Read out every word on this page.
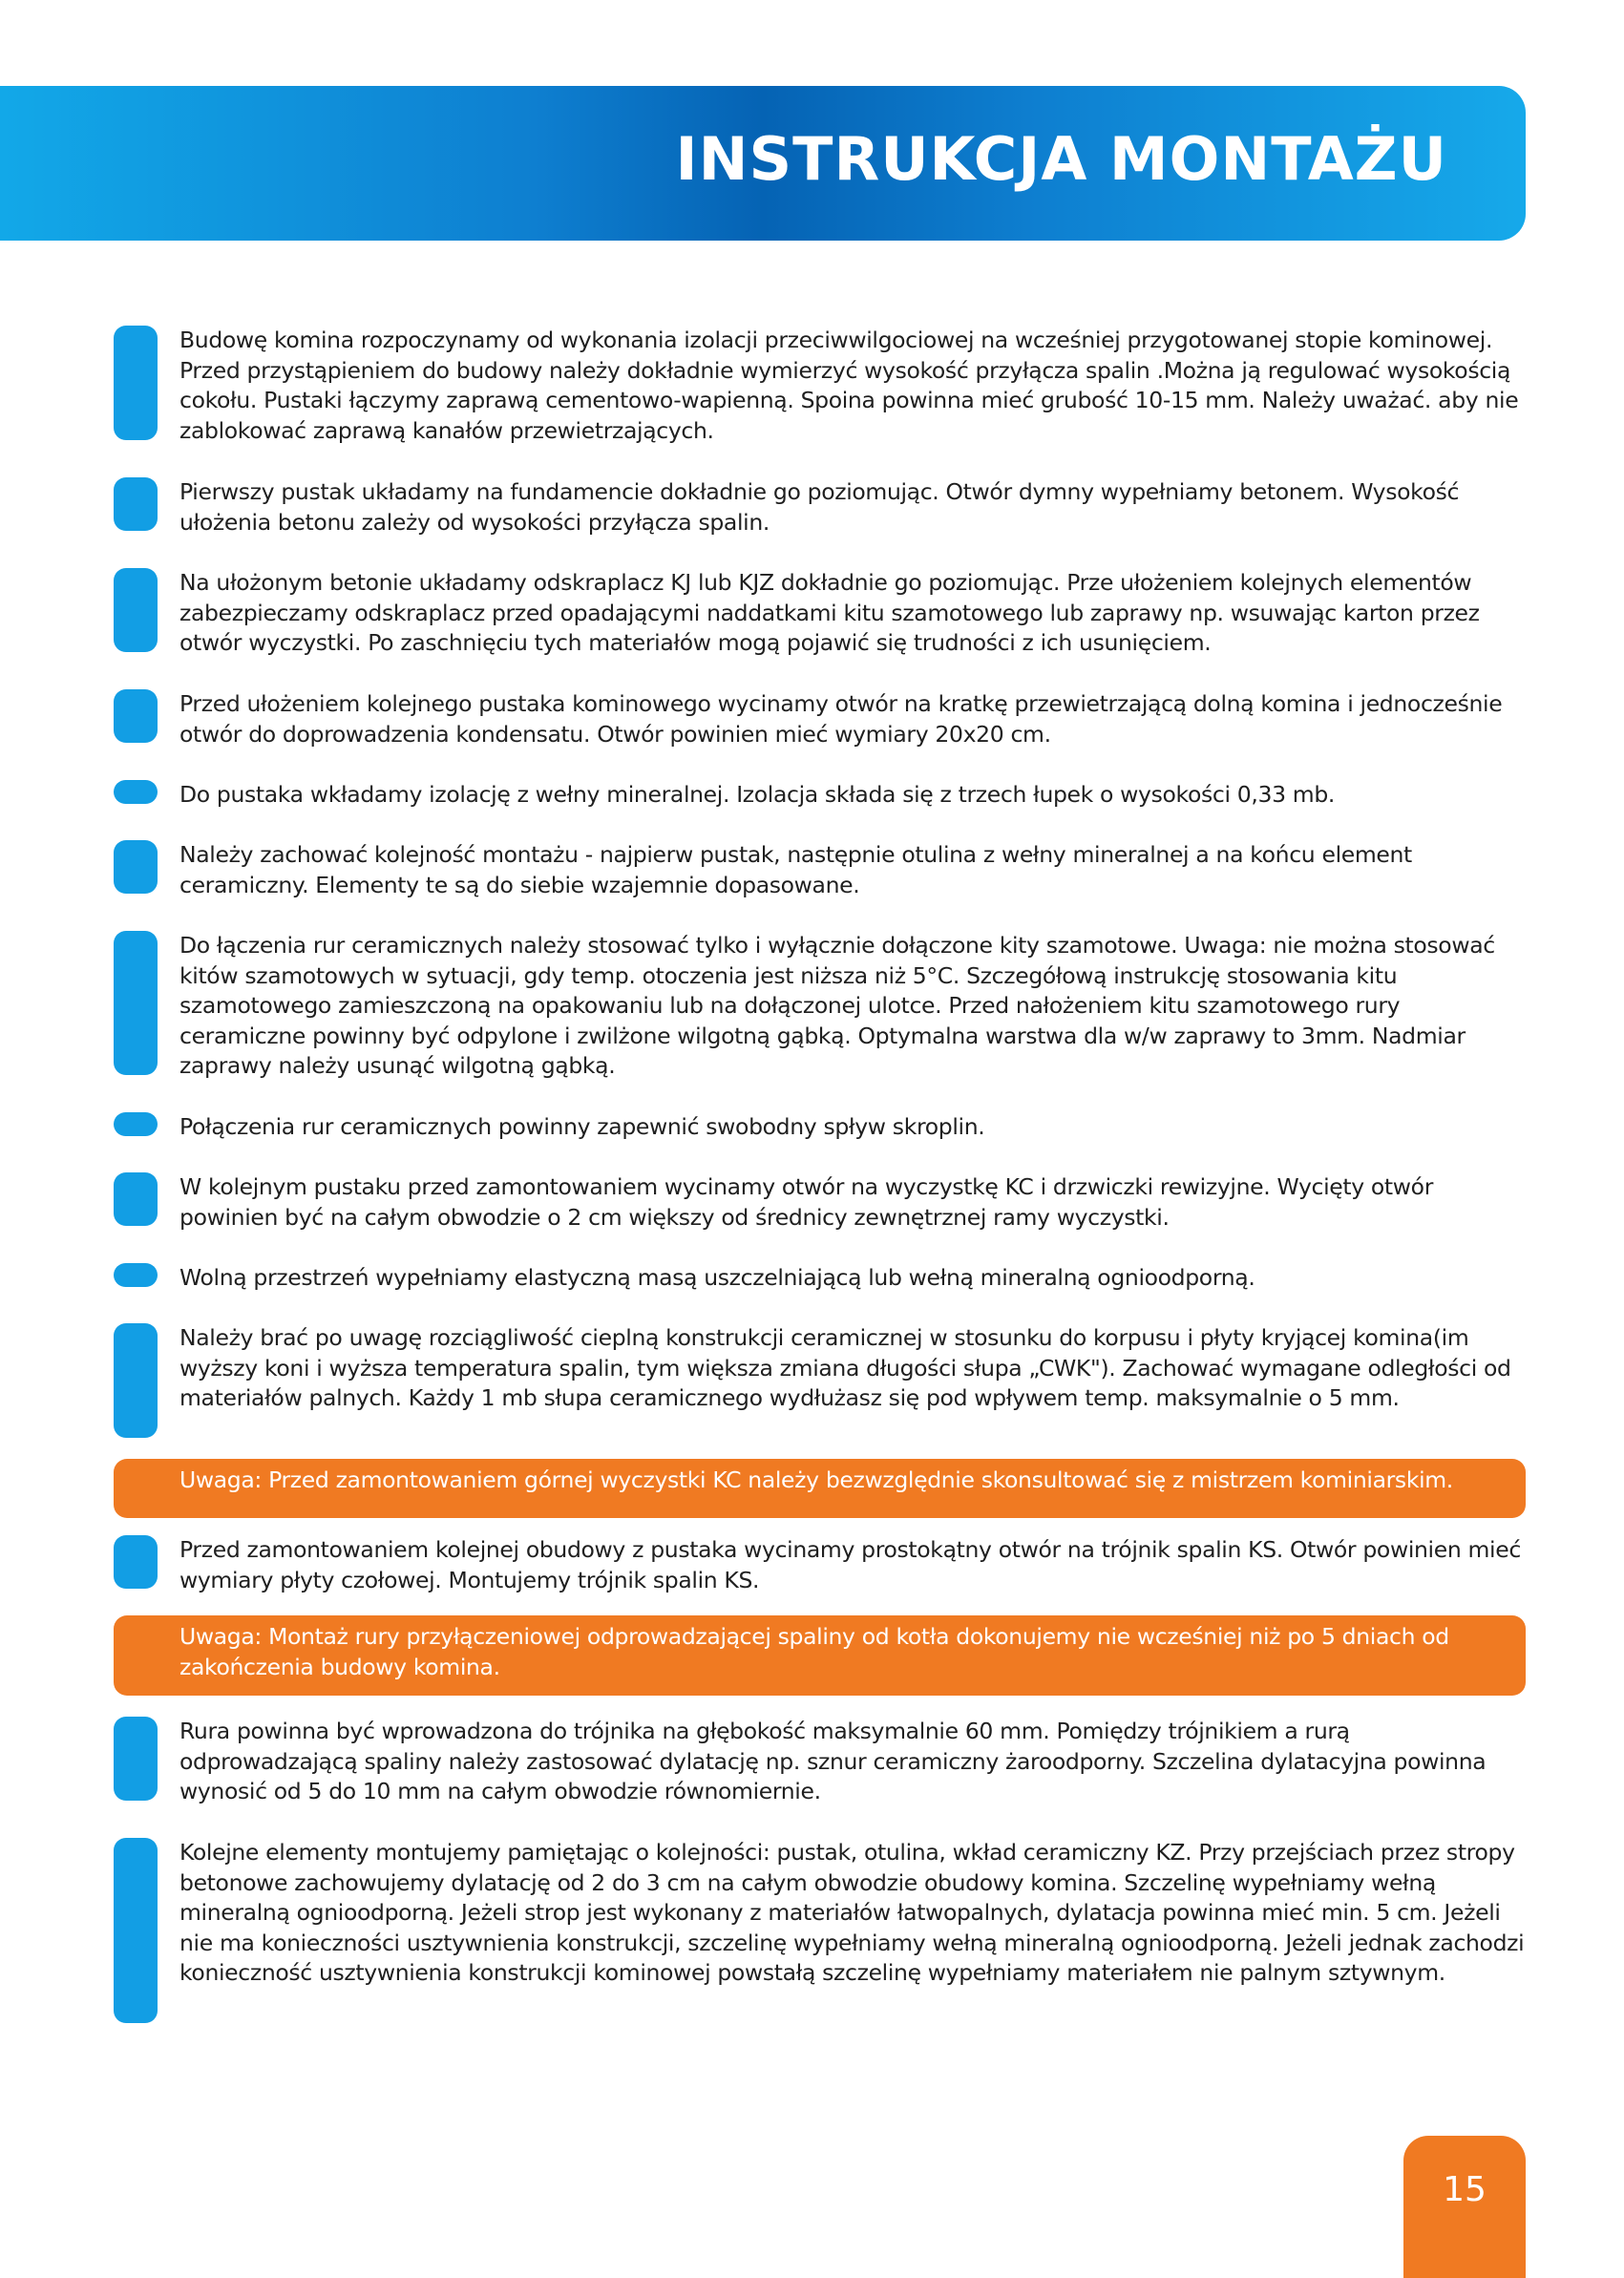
INSTRUKCJA MONTAŻU
Budowę komina rozpoczynamy od wykonania izolacji przeciwwilgociowej na wcześniej przygotowanej stopie kominowej. Przed przystąpieniem do budowy należy dokładnie wymierzyć wysokość przyłącza spalin .Można ją regulować wysokością cokołu. Pustaki łączymy zaprawą cementowo-wapienną. Spoina powinna mieć grubość 10-15 mm. Należy uważać. aby nie zablokować zaprawą kanałów przewietrzających.
Pierwszy pustak układamy na fundamencie dokładnie go poziomując. Otwór dymny wypełniamy betonem. Wysokość ułożenia betonu zależy od wysokości przyłącza spalin.
Na ułożonym betonie układamy odskraplacz KJ lub KJZ dokładnie go poziomując. Prze ułożeniem kolejnych elementów zabezpieczamy odskraplacz przed opadającymi naddatkami kitu szamotowego lub zaprawy np. wsuwając karton przez otwór wyczystki. Po zaschnięciu tych materiałów mogą pojawić się trudności z ich usunięciem.
Przed ułożeniem kolejnego pustaka kominowego wycinamy otwór na kratkę przewietrzającą dolną komina i jednocześnie otwór do doprowadzenia kondensatu. Otwór powinien mieć wymiary 20x20 cm.
Do pustaka wkładamy izolację z wełny mineralnej. Izolacja składa się z trzech łupek o wysokości 0,33 mb.
Należy zachować kolejność montażu - najpierw pustak, następnie otulina z wełny mineralnej a na końcu element ceramiczny. Elementy te są do siebie wzajemnie dopasowane.
Do łączenia rur ceramicznych należy stosować tylko i wyłącznie dołączone kity szamotowe. Uwaga: nie można stosować kitów szamotowych w sytuacji, gdy temp. otoczenia jest niższa niż 5°C. Szczegółową instrukcję stosowania kitu szamotowego zamieszczoną na opakowaniu lub na dołączonej ulotce. Przed nałożeniem kitu szamotowego rury ceramiczne powinny być odpylone i zwilżone wilgotną gąbką. Optymalna warstwa dla w/w zaprawy to 3mm. Nadmiar zaprawy należy usunąć wilgotną gąbką.
Połączenia rur ceramicznych powinny zapewnić swobodny spływ skroplin.
W kolejnym pustaku przed zamontowaniem wycinamy otwór na wyczystkę KC i drzwiczki rewizyjne. Wycięty otwór powinien być na całym obwodzie o 2 cm większy od średnicy zewnętrznej ramy wyczystki.
Wolną przestrzeń wypełniamy elastyczną masą uszczelniającą lub wełną mineralną ognioodporną.
Należy brać po uwagę rozciągliwość cieplną konstrukcji ceramicznej w stosunku do korpusu i płyty kryjącej komina(im wyższy koni i wyższa temperatura spalin, tym większa zmiana długości słupa „CWK"). Zachować wymagane odległości od materiałów palnych. Każdy 1 mb słupa ceramicznego wydłużasz się pod wpływem temp. maksymalnie o 5 mm.
Uwaga: Przed zamontowaniem górnej wyczystki KC należy bezwzględnie skonsultować się z mistrzem kominiarskim.
Przed zamontowaniem kolejnej obudowy z pustaka wycinamy prostokątny otwór na trójnik spalin KS. Otwór powinien mieć wymiary płyty czołowej. Montujemy trójnik spalin KS.
Uwaga: Montaż rury przyłączeniowej odprowadzającej spaliny od kotła dokonujemy nie wcześniej niż po 5 dniach od zakończenia budowy komina.
Rura powinna być wprowadzona do trójnika na głębokość maksymalnie 60 mm. Pomiędzy trójnikiem a rurą odprowadzającą spaliny należy zastosować dylatację np. sznur ceramiczny żaroodporny. Szczelina dylatacyjna powinna wynosić od 5 do 10 mm na całym obwodzie równomiernie.
Kolejne elementy montujemy pamiętając o kolejności: pustak, otulina, wkład ceramiczny KZ. Przy przejściach przez stropy betonowe zachowujemy dylatację od 2 do 3 cm na całym obwodzie obudowy komina. Szczelinę wypełniamy wełną mineralną ognioodporną. Jeżeli strop jest wykonany z materiałów łatwopalnych, dylatacja powinna mieć min. 5 cm. Jeżeli nie ma konieczności usztywnienia konstrukcji, szczelinę wypełniamy wełną mineralną ognioodporną. Jeżeli jednak zachodzi konieczność usztywnienia konstrukcji kominowej powstałą szczelinę wypełniamy materiałem nie palnym sztywnym.
15
